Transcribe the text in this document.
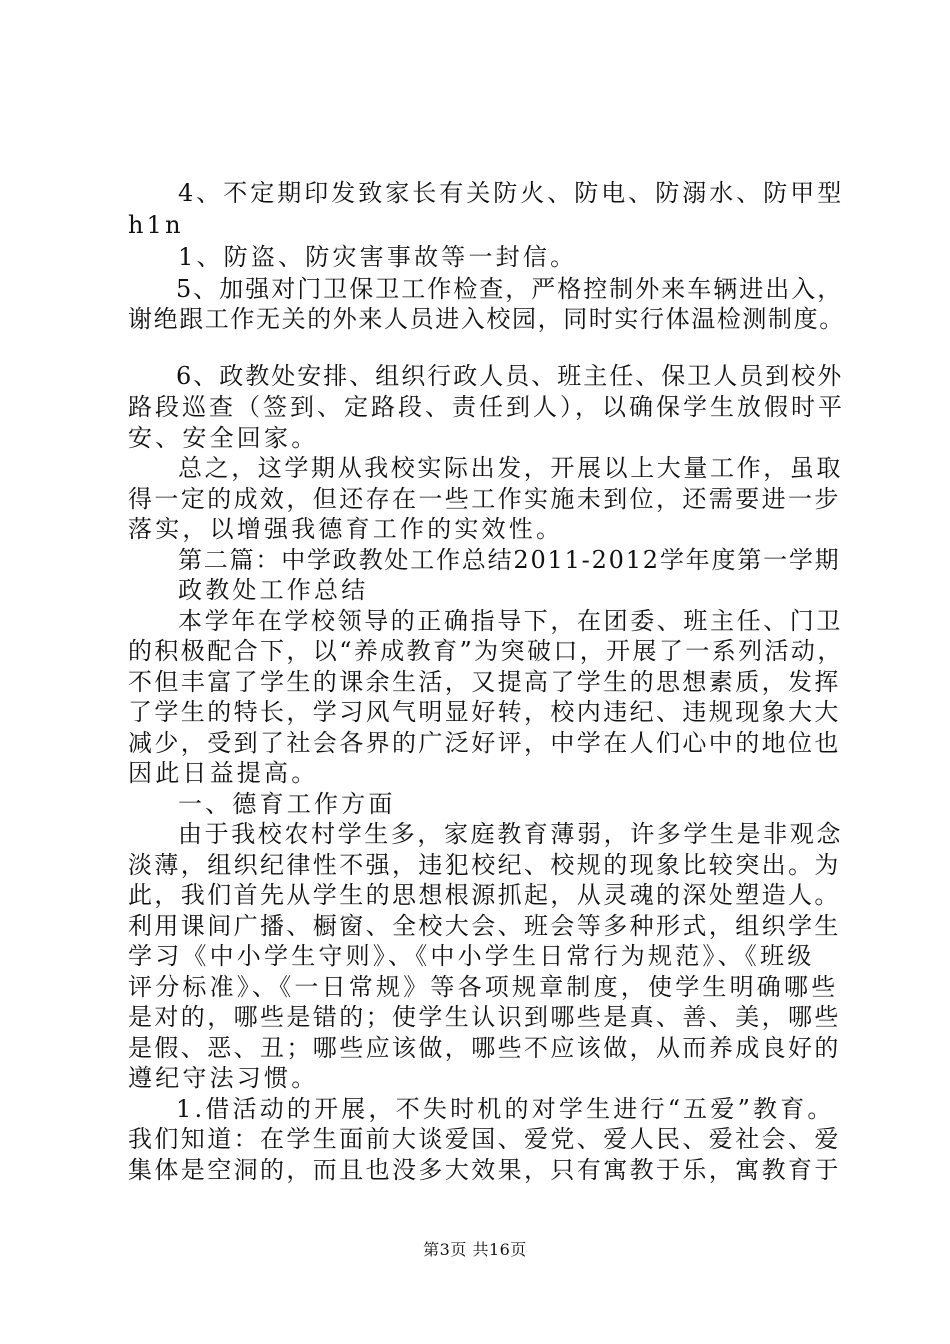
4、不定期印发致家长有关防火、防电、防溺水、防甲型
h1n
1、防盗、防灾害事故等一封信。
5、加强对门卫保卫工作检查，严格控制外来车辆进出入，
谢绝跟工作无关的外来人员进入校园，同时实行体温检测制度。
6、政教处安排、组织行政人员、班主任、保卫人员到校外
路段巡查（签到、定路段、责任到人），以确保学生放假时平
安、安全回家。
总之，这学期从我校实际出发，开展以上大量工作，虽取
得一定的成效，但还存在一些工作实施未到位，还需要进一步
落实，以增强我德育工作的实效性。
第二篇：中学政教处工作总结2011-2012学年度第一学期
政教处工作总结
本学年在学校领导的正确指导下，在团委、班主任、门卫
的积极配合下，以“养成教育”为突破口，开展了一系列活动，
不但丰富了学生的课余生活，又提高了学生的思想素质，发挥
了学生的特长，学习风气明显好转，校内违纪、违规现象大大
减少，受到了社会各界的广泛好评，中学在人们心中的地位也
因此日益提高。
一、德育工作方面
由于我校农村学生多，家庭教育薄弱，许多学生是非观念
淡薄，组织纪律性不强，违犯校纪、校规的现象比较突出。为
此，我们首先从学生的思想根源抓起，从灵魂的深处塑造人。
利用课间广播、橱窗、全校大会、班会等多种形式，组织学生
学习《中小学生守则》、《中小学生日常行为规范》、《班级
评分标准》、《一日常规》等各项规章制度，使学生明确哪些
是对的，哪些是错的；使学生认识到哪些是真、善、美，哪些
是假、恶、丑；哪些应该做，哪些不应该做，从而养成良好的
遵纪守法习惯。
1.借活动的开展，不失时机的对学生进行“五爱”教育。
我们知道：在学生面前大谈爱国、爱党、爱人民、爱社会、爱
集体是空洞的，而且也没多大效果，只有寓教于乐，寓教育于
第3页 共16页
